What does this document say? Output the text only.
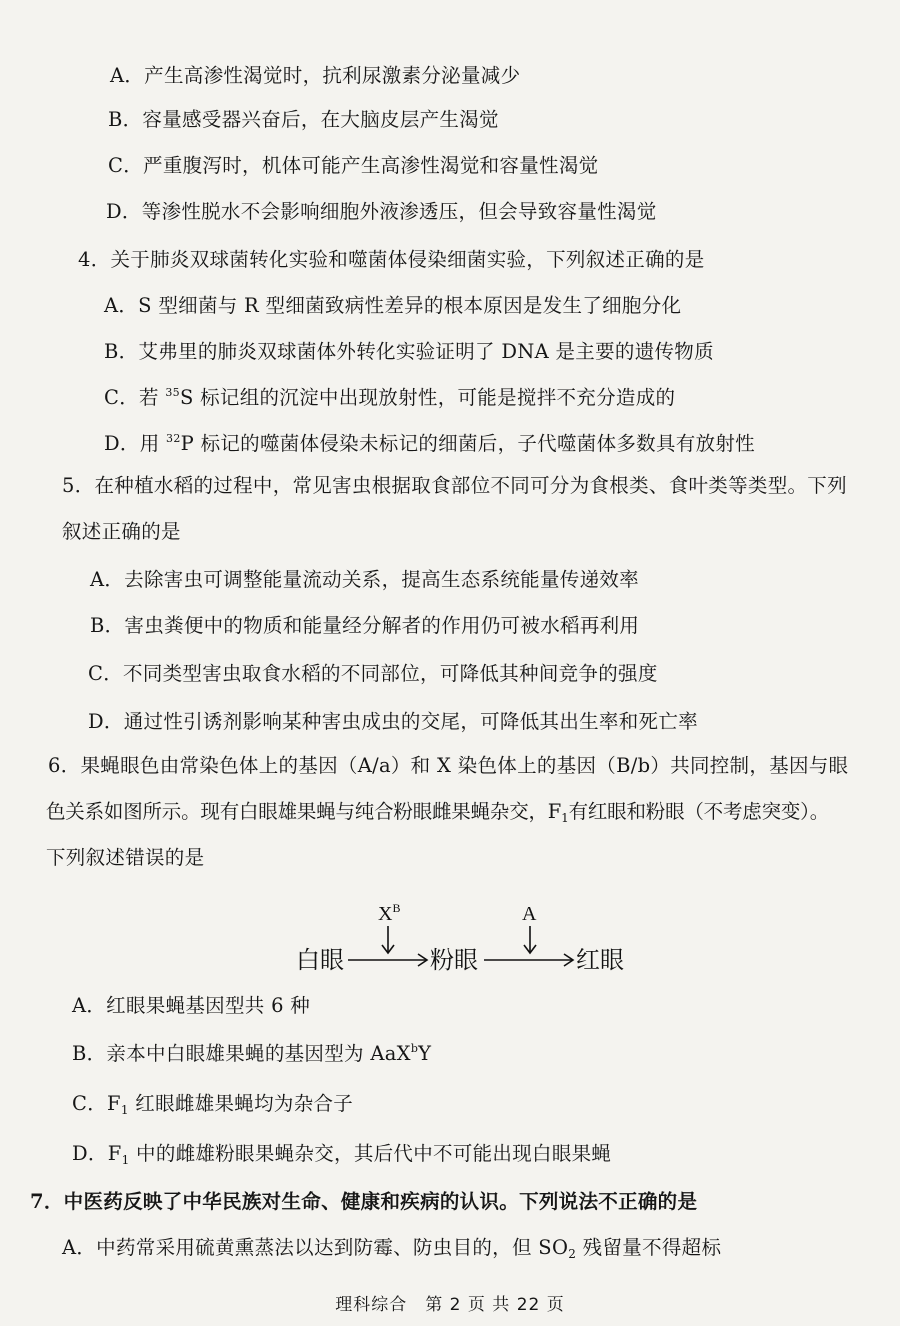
A．产生高渗性渴觉时，抗利尿激素分泌量减少
B．容量感受器兴奋后，在大脑皮层产生渴觉
C．严重腹泻时，机体可能产生高渗性渴觉和容量性渴觉
D．等渗性脱水不会影响细胞外液渗透压，但会导致容量性渴觉
4．关于肺炎双球菌转化实验和噬菌体侵染细菌实验，下列叙述正确的是
A．S 型细菌与 R 型细菌致病性差异的根本原因是发生了细胞分化
B．艾弗里的肺炎双球菌体外转化实验证明了 DNA 是主要的遗传物质
C．若 $^{35}$S 标记组的沉淀中出现放射性，可能是搅拌不充分造成的
D．用 $^{32}$P 标记的噬菌体侵染未标记的细菌后，子代噬菌体多数具有放射性
5．在种植水稻的过程中，常见害虫根据取食部位不同可分为食根类、食叶类等类型。下列
叙述正确的是
A．去除害虫可调整能量流动关系，提高生态系统能量传递效率
B．害虫粪便中的物质和能量经分解者的作用仍可被水稻再利用
C．不同类型害虫取食水稻的不同部位，可降低其种间竞争的强度
D．通过性引诱剂影响某种害虫成虫的交尾，可降低其出生率和死亡率
6．果蝇眼色由常染色体上的基因（A/a）和 X 染色体上的基因（B/b）共同控制，基因与眼
色关系如图所示。现有白眼雄果蝇与纯合粉眼雌果蝇杂交，$F_1$有红眼和粉眼（不考虑突变）。
下列叙述错误的是
$X^B$	A
白眼	粉眼	红眼
A．红眼果蝇基因型共 6 种
B．亲本中白眼雄果蝇的基因型为 AaX$^b$Y
C．$F_1$ 红眼雌雄果蝇均为杂合子
D．$F_1$ 中的雌雄粉眼果蝇杂交，其后代中不可能出现白眼果蝇
7．中医药反映了中华民族对生命、健康和疾病的认识。下列说法不正确的是
A．中药常采用硫黄熏蒸法以达到防霉、防虫目的，但 $SO_2$ 残留量不得超标
理科综合　第 2 页 共 22 页
